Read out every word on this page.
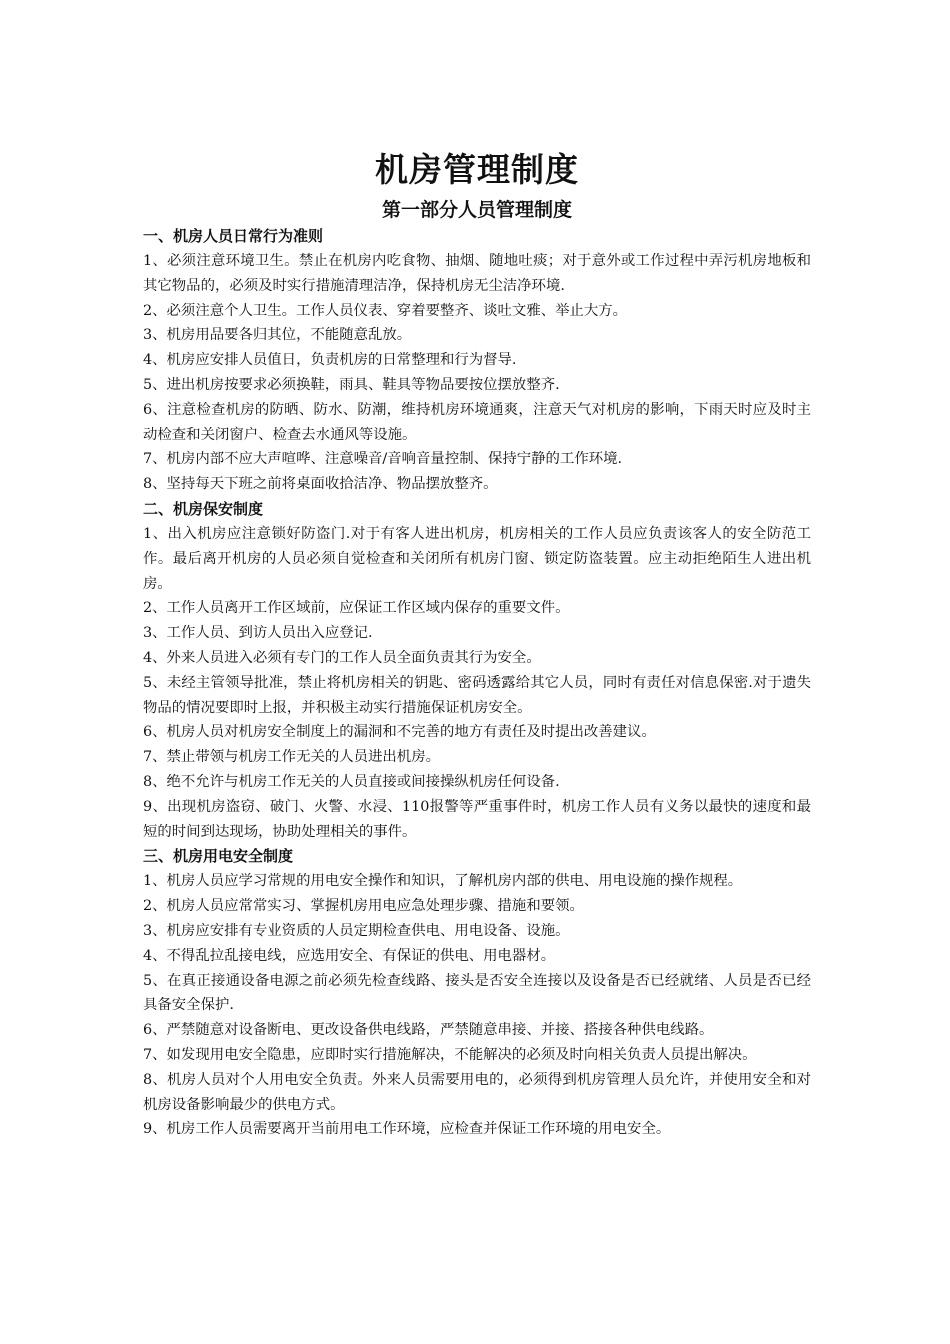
机房管理制度
第一部分人员管理制度

一、机房人员日常行为准则

1、必须注意环境卫生。禁止在机房内吃食物、抽烟、随地吐痰；对于意外或工作过程中弄污机房地板和其它物品的，必须及时实行措施清理洁净，保持机房无尘洁净环境.

2、必须注意个人卫生。工作人员仪表、穿着要整齐、谈吐文雅、举止大方。

3、机房用品要各归其位，不能随意乱放。

4、机房应安排人员值日，负责机房的日常整理和行为督导.

5、进出机房按要求必须换鞋，雨具、鞋具等物品要按位摆放整齐.

6、注意检查机房的防晒、防水、防潮，维持机房环境通爽，注意天气对机房的影响，下雨天时应及时主动检查和关闭窗户、检查去水通风等设施。

7、机房内部不应大声喧哗、注意噪音/音响音量控制、保持宁静的工作环境.

8、坚持每天下班之前将桌面收拾洁净、物品摆放整齐。

二、机房保安制度

1、出入机房应注意锁好防盗门.对于有客人进出机房，机房相关的工作人员应负责该客人的安全防范工作。最后离开机房的人员必须自觉检查和关闭所有机房门窗、锁定防盗装置。应主动拒绝陌生人进出机房。

2、工作人员离开工作区域前，应保证工作区域内保存的重要文件。

3、工作人员、到访人员出入应登记.

4、外来人员进入必须有专门的工作人员全面负责其行为安全。

5、未经主管领导批准，禁止将机房相关的钥匙、密码透露给其它人员，同时有责任对信息保密.对于遗失物品的情况要即时上报，并积极主动实行措施保证机房安全。

6、机房人员对机房安全制度上的漏洞和不完善的地方有责任及时提出改善建议。

7、禁止带领与机房工作无关的人员进出机房。

8、绝不允许与机房工作无关的人员直接或间接操纵机房任何设备.

9、出现机房盗窃、破门、火警、水浸、110报警等严重事件时，机房工作人员有义务以最快的速度和最短的时间到达现场，协助处理相关的事件。

三、机房用电安全制度

1、机房人员应学习常规的用电安全操作和知识，了解机房内部的供电、用电设施的操作规程。

2、机房人员应常常实习、掌握机房用电应急处理步骤、措施和要领。

3、机房应安排有专业资质的人员定期检查供电、用电设备、设施。

4、不得乱拉乱接电线，应选用安全、有保证的供电、用电器材。

5、在真正接通设备电源之前必须先检查线路、接头是否安全连接以及设备是否已经就绪、人员是否已经具备安全保护.

6、严禁随意对设备断电、更改设备供电线路，严禁随意串接、并接、搭接各种供电线路。

7、如发现用电安全隐患，应即时实行措施解决，不能解决的必须及时向相关负责人员提出解决。

8、机房人员对个人用电安全负责。外来人员需要用电的，必须得到机房管理人员允许，并使用安全和对机房设备影响最少的供电方式。

9、机房工作人员需要离开当前用电工作环境，应检查并保证工作环境的用电安全。
